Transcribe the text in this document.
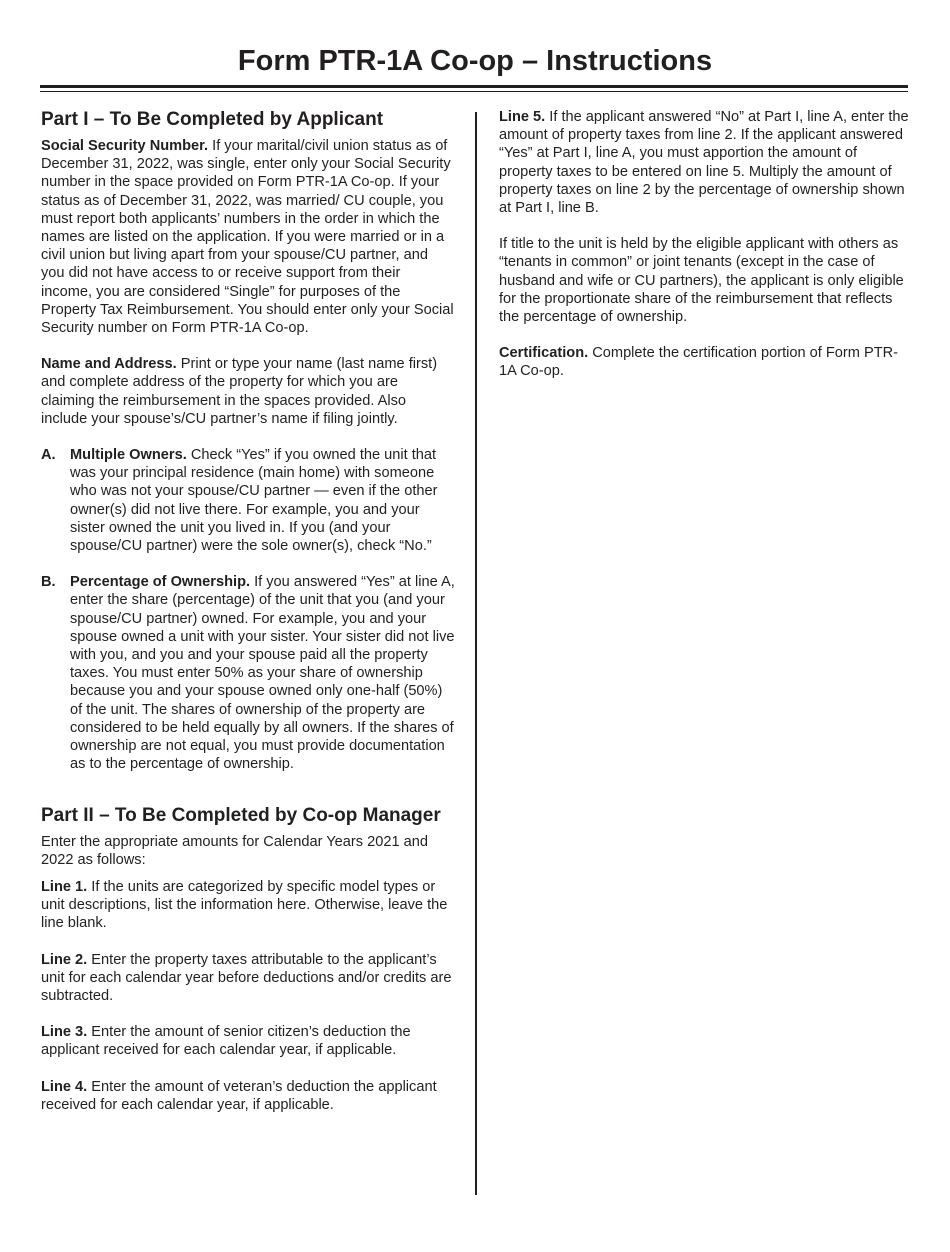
Form PTR-1A Co-op – Instructions
Part I – To Be Completed by Applicant

Social Security Number. If your marital/civil union status as of December 31, 2022, was single, enter only your Social Security number in the space provided on Form PTR-1A Co-op. If your status as of December 31, 2022, was married/ CU couple, you must report both applicants’ numbers in the order in which the names are listed on the application. If you were married or in a civil union but living apart from your spouse/CU partner, and you did not have access to or receive support from their income, you are considered “Single” for purposes of the Property Tax Reimbursement. You should enter only your Social Security number on Form PTR-1A Co-op.

Name and Address. Print or type your name (last name first) and complete address of the property for which you are claiming the reimbursement in the spaces provided. Also include your spouse’s/CU partner’s name if filing jointly.

A. Multiple Owners. Check “Yes” if you owned the unit that was your principal residence (main home) with someone who was not your spouse/CU partner — even if the other owner(s) did not live there. For example, you and your sister owned the unit you lived in. If you (and your spouse/CU partner) were the sole owner(s), check “No.”
B. Percentage of Ownership. If you answered “Yes” at line A, enter the share (percentage) of the unit that you (and your spouse/CU partner) owned. For example, you and your spouse owned a unit with your sister. Your sister did not live with you, and you and your spouse paid all the property taxes. You must enter 50% as your share of ownership because you and your spouse owned only one-half (50%) of the unit. The shares of ownership of the property are considered to be held equally by all owners. If the shares of ownership are not equal, you must provide documentation as to the percentage of ownership.
Part II – To Be Completed by Co-op Manager

Enter the appropriate amounts for Calendar Years 2021 and 2022 as follows:

Line 1. If the units are categorized by specific model types or unit descriptions, list the information here. Otherwise, leave the line blank.

Line 2. Enter the property taxes attributable to the applicant’s unit for each calendar year before deductions and/or credits are subtracted.

Line 3. Enter the amount of senior citizen’s deduction the applicant received for each calendar year, if applicable.

Line 4. Enter the amount of veteran’s deduction the applicant received for each calendar year, if applicable.

Line 5. If the applicant answered “No” at Part I, line A, enter the amount of property taxes from line 2. If the applicant answered “Yes” at Part I, line A, you must apportion the amount of property taxes to be entered on line 5. Multiply the amount of property taxes on line 2 by the percentage of ownership shown at Part I, line B.

If title to the unit is held by the eligible applicant with others as “tenants in common” or joint tenants (except in the case of husband and wife or CU partners), the applicant is only eligible for the proportionate share of the reimbursement that reflects the percentage of ownership.

Certification. Complete the certification portion of Form PTR-1A Co-op.
